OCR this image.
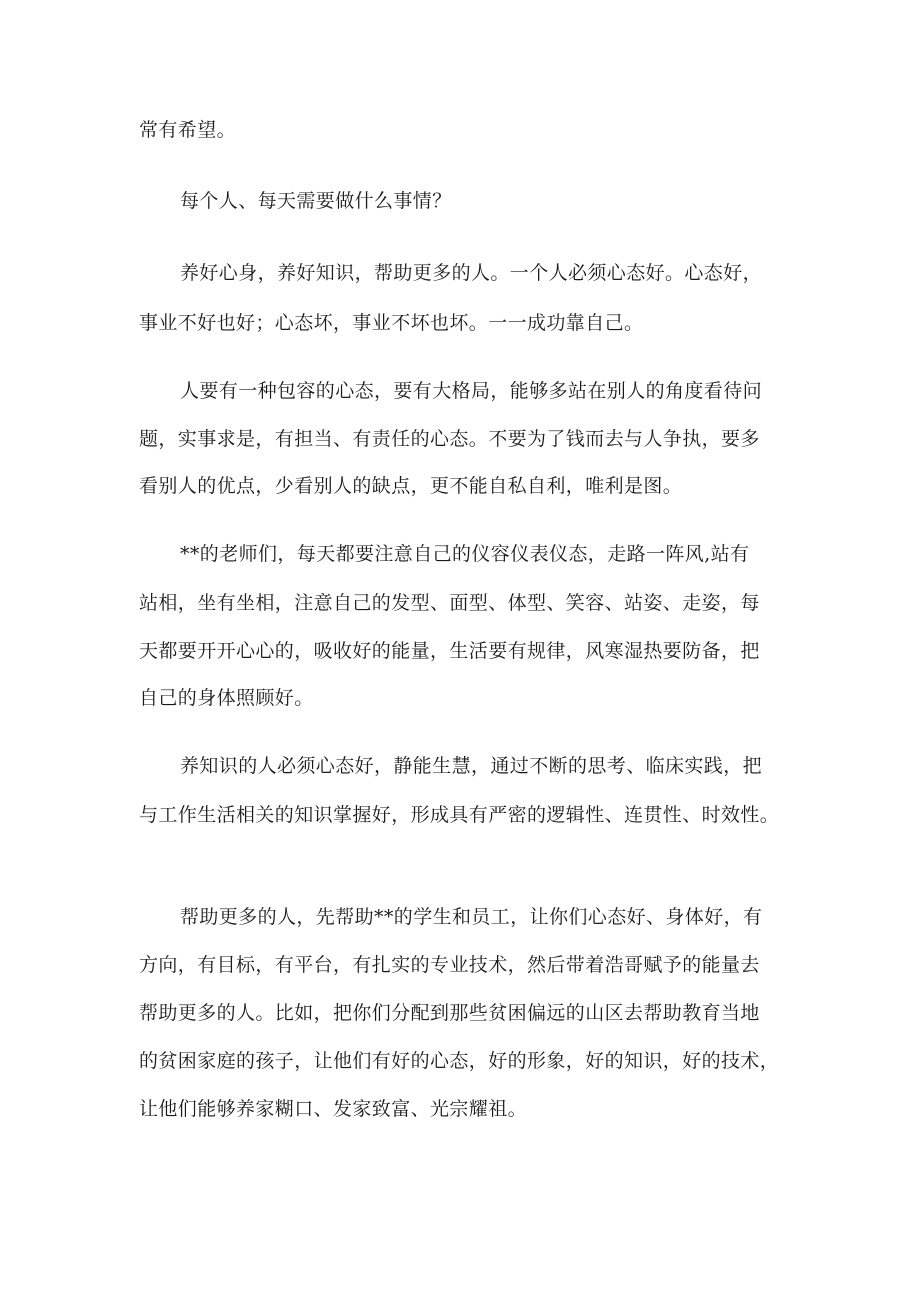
常有希望。
每个人、每天需要做什么事情？
养好心身，养好知识，帮助更多的人。一个人必须心态好。心态好，
事业不好也好；心态坏，事业不坏也坏。一一成功靠自己。
人要有一种包容的心态，要有大格局，能够多站在别人的角度看待问
题，实事求是，有担当、有责任的心态。不要为了钱而去与人争执，要多
看别人的优点，少看别人的缺点，更不能自私自利，唯利是图。
**的老师们，每天都要注意自己的仪容仪表仪态，走路一阵风,站有
站相，坐有坐相，注意自己的发型、面型、体型、笑容、站姿、走姿，每
天都要开开心心的，吸收好的能量，生活要有规律，风寒湿热要防备，把
自己的身体照顾好。
养知识的人必须心态好，静能生慧，通过不断的思考、临床实践，把
与工作生活相关的知识掌握好，形成具有严密的逻辑性、连贯性、时效性。
帮助更多的人，先帮助**的学生和员工，让你们心态好、身体好，有
方向，有目标，有平台，有扎实的专业技术，然后带着浩哥赋予的能量去
帮助更多的人。比如，把你们分配到那些贫困偏远的山区去帮助教育当地
的贫困家庭的孩子，让他们有好的心态，好的形象，好的知识，好的技术，
让他们能够养家糊口、发家致富、光宗耀祖。
